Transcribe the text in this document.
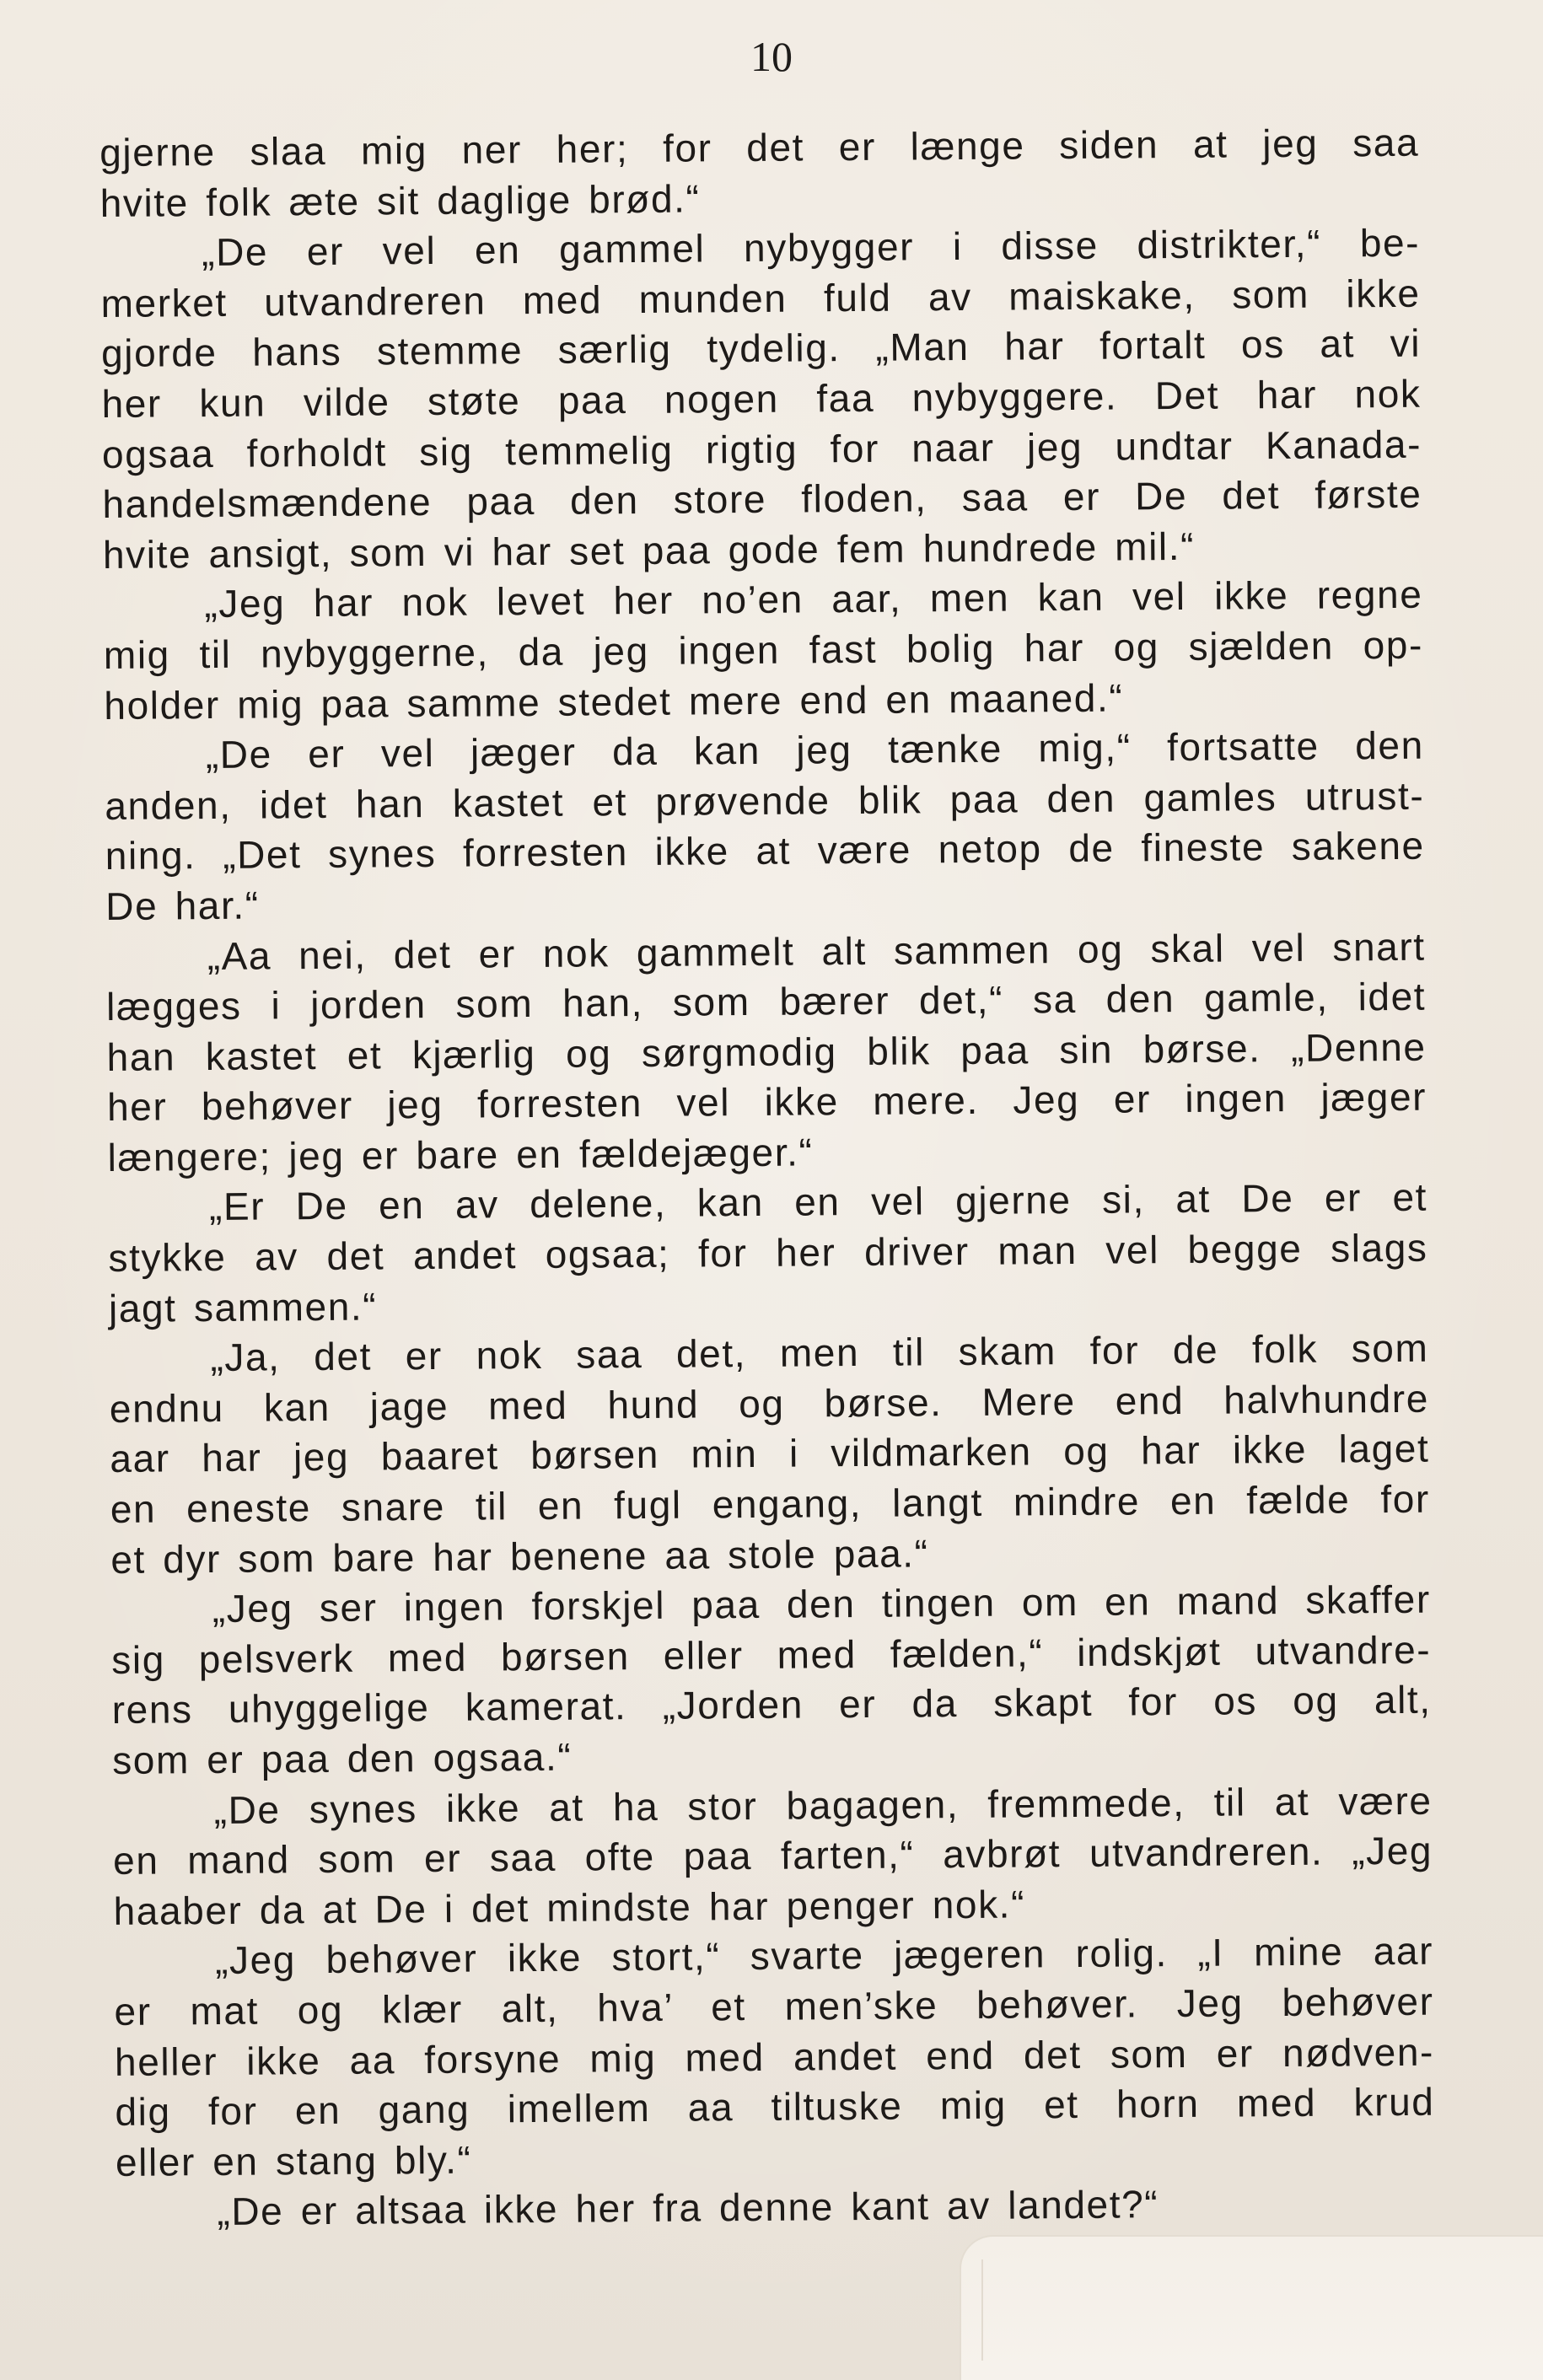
10
gjerne slaa mig ner her; for det er længe siden at jeg saa
hvite folk æte sit daglige brød.“
„De er vel en gammel nybygger i disse distrikter,“ be-
merket utvandreren med munden fuld av maiskake, som ikke
gjorde hans stemme særlig tydelig. „Man har fortalt os at vi
her kun vilde støte paa nogen faa nybyggere. Det har nok
ogsaa forholdt sig temmelig rigtig for naar jeg undtar Kanada-
handelsmændene paa den store floden, saa er De det første
hvite ansigt, som vi har set paa gode fem hundrede mil.“
„Jeg har nok levet her no’en aar, men kan vel ikke regne
mig til nybyggerne, da jeg ingen fast bolig har og sjælden op-
holder mig paa samme stedet mere end en maaned.“
„De er vel jæger da kan jeg tænke mig,“ fortsatte den
anden, idet han kastet et prøvende blik paa den gamles utrust-
ning. „Det synes forresten ikke at være netop de fineste sakene
De har.“
„Aa nei, det er nok gammelt alt sammen og skal vel snart
lægges i jorden som han, som bærer det,“ sa den gamle, idet
han kastet et kjærlig og sørgmodig blik paa sin børse. „Denne
her behøver jeg forresten vel ikke mere. Jeg er ingen jæger
længere; jeg er bare en fældejæger.“
„Er De en av delene, kan en vel gjerne si, at De er et
stykke av det andet ogsaa; for her driver man vel begge slags
jagt sammen.“
„Ja, det er nok saa det, men til skam for de folk som
endnu kan jage med hund og børse. Mere end halvhundre
aar har jeg baaret børsen min i vildmarken og har ikke laget
en eneste snare til en fugl engang, langt mindre en fælde for
et dyr som bare har benene aa stole paa.“
„Jeg ser ingen forskjel paa den tingen om en mand skaffer
sig pelsverk med børsen eller med fælden,“ indskjøt utvandre-
rens uhyggelige kamerat. „Jorden er da skapt for os og alt,
som er paa den ogsaa.“
„De synes ikke at ha stor bagagen, fremmede, til at være
en mand som er saa ofte paa farten,“ avbrøt utvandreren. „Jeg
haaber da at De i det mindste har penger nok.“
„Jeg behøver ikke stort,“ svarte jægeren rolig. „I mine aar
er mat og klær alt, hva’ et men’ske behøver. Jeg behøver
heller ikke aa forsyne mig med andet end det som er nødven-
dig for en gang imellem aa tiltuske mig et horn med krud
eller en stang bly.“
„De er altsaa ikke her fra denne kant av landet?“
